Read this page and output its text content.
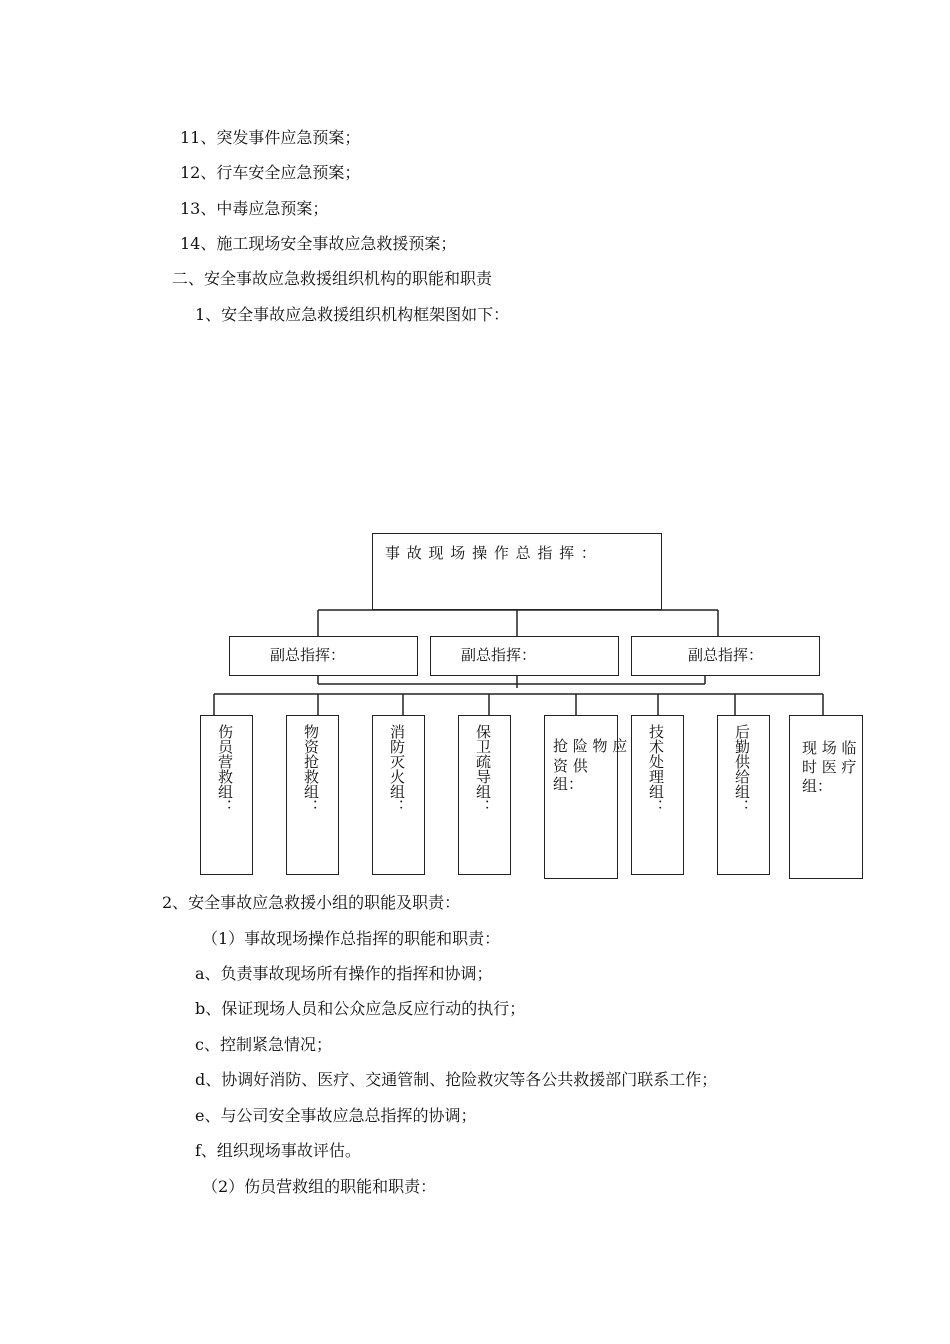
11、突发事件应急预案；
12、行车安全应急预案；
13、中毒应急预案；
14、施工现场安全事故应急救援预案；
二、安全事故应急救援组织机构的职能和职责
1、安全事故应急救援组织机构框架图如下：
事 故 现 场 操 作 总 指 挥 ：
副总指挥：	副总指挥：	副总指挥：
伤员营救组：	物资抢救组：	消防灭火组：	保卫疏导组：	抢 险 物 应
资 供
组：	技术处理组：	后勤供给组：	现 场 临
时 医 疗
组：
2、安全事故应急救援小组的职能及职责：
（1）事故现场操作总指挥的职能和职责：
a、负责事故现场所有操作的指挥和协调；
b、保证现场人员和公众应急反应行动的执行；
c、控制紧急情况；
d、协调好消防、医疗、交通管制、抢险救灾等各公共救援部门联系工作；
e、与公司安全事故应急总指挥的协调；
f、组织现场事故评估。
（2）伤员营救组的职能和职责：
